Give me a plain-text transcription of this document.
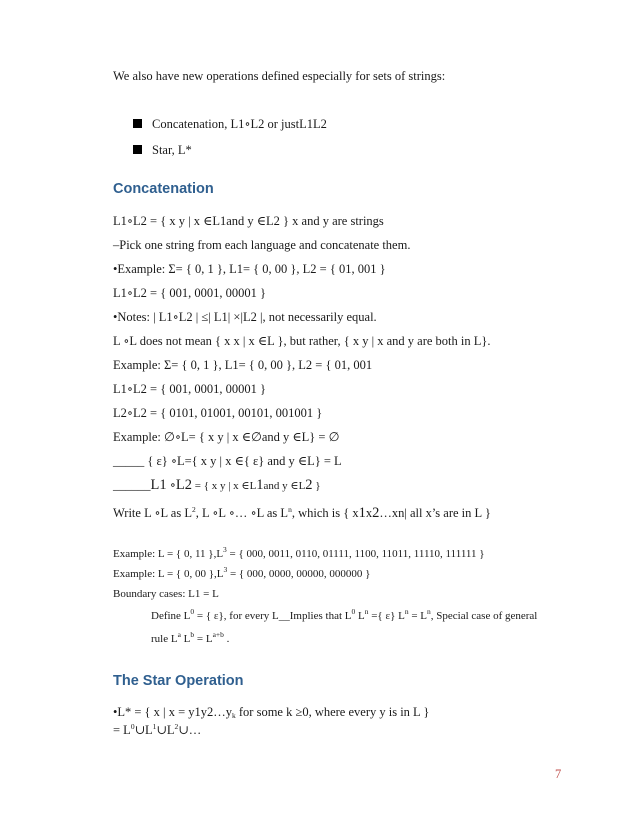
We also have new operations defined especially for sets of strings:
Concatenation, L1∘L2 or justL1L2
Star, L*
Concatenation
L1∘L2 = { x y | x ∈L1and y ∈L2 } x and y are strings
–Pick one string from each language and concatenate them.
•Example: Σ= { 0, 1 }, L1= { 0, 00 }, L2 = { 01, 001 }
L1∘L2 = { 001, 0001, 00001 }
•Notes: | L1∘L2 | ≤| L1| ×|L2 |, not necessarily equal.
L ∘L does not mean { x x | x ∈L }, but rather, { x y | x and y are both in L}.
Example: Σ= { 0, 1 }, L1= { 0, 00 }, L2 = { 01, 001
L1∘L2 = { 001, 0001, 00001 }
L2∘L2 = { 0101, 01001, 00101, 001001 }
Example: ∅∘L= { x y | x ∈∅and y ∈L} = ∅
_____ { ε} ∘L={ x y | x ∈{ ε} and y ∈L} = L
______L1 ∘L2 = { x y | x ∈L1and y ∈L2 }
Write L ∘L as $L^2$, L ∘L ∘… ∘L as $L^n$, which is { x1x2…xn| all x’s are in L }
Example: L = { 0, 11 }$,L^3$ = { 000, 0011, 0110, 01111, 1100, 11011, 11110, 111111 }
Example: L = { 0, 00 }$,L^3$ = { 000, 0000, 00000, 000000 }
Boundary cases: L1 = L
Define $L^0$ = { ε}, for every L__Implies that $L^0$ $L^n$ ={ ε} $L^n = L^n$, Special case of general
rule $L^a$ $L^b = L^{a+b}$ .
The Star Operation
•L* = { x | $x = y1y2\dots y_k$ for some k ≥0, where every y is in L }
= $L^0\cup L^1\cup L^2\cup\dots$
7
